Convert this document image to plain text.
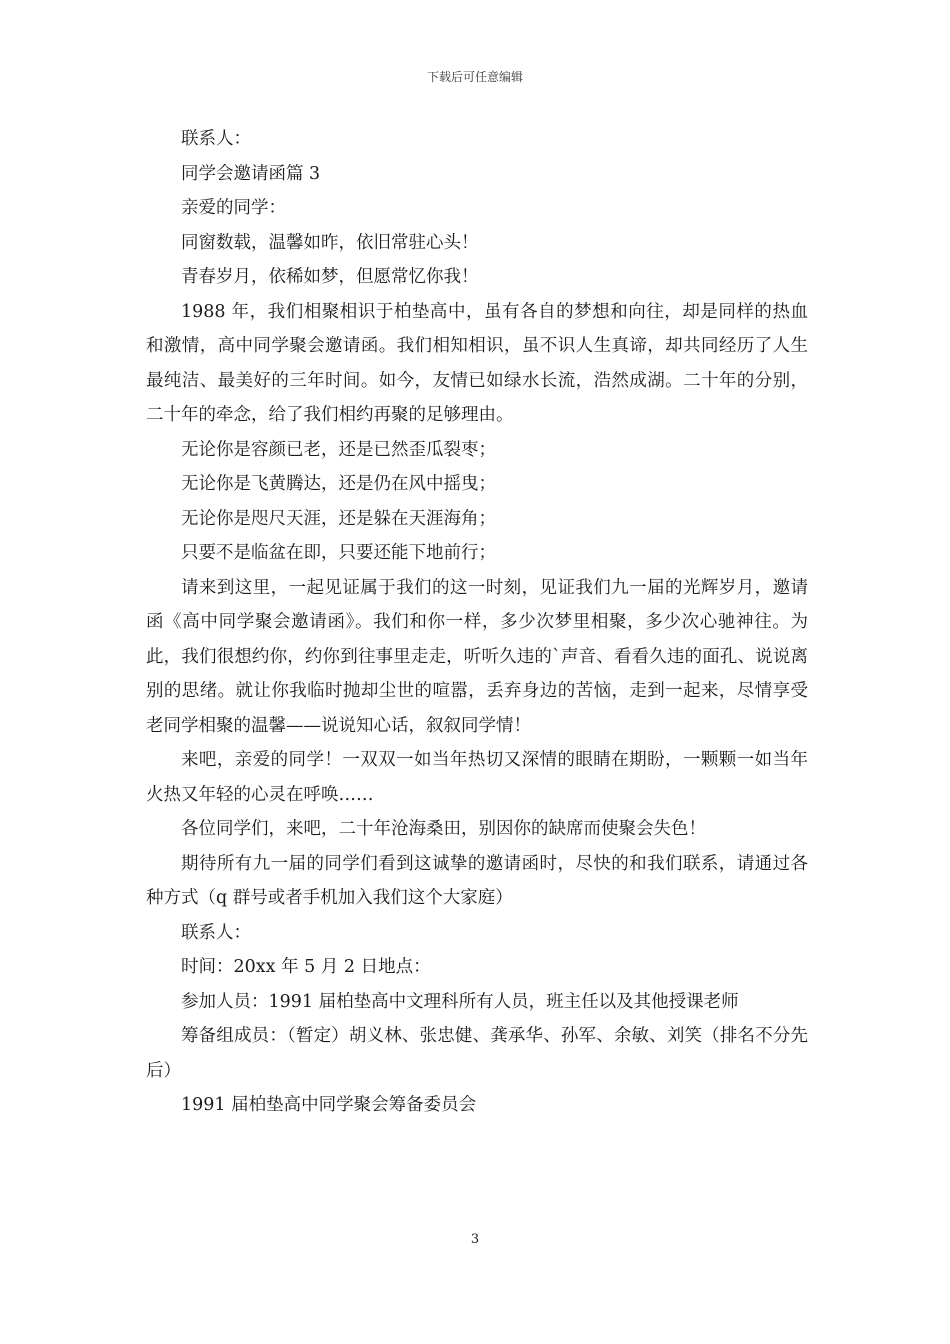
下载后可任意编辑

联系人：

同学会邀请函篇 3

亲爱的同学：

同窗数载，温馨如昨，依旧常驻心头！

青春岁月，依稀如梦，但愿常忆你我！

1988 年，我们相聚相识于柏垫高中，虽有各自的梦想和向往，却是同样的热血和激情，高中同学聚会邀请函。我们相知相识，虽不识人生真谛，却共同经历了人生最纯洁、最美好的三年时间。如今，友情已如绿水长流，浩然成湖。二十年的分别，二十年的牵念，给了我们相约再聚的足够理由。

无论你是容颜已老，还是已然歪瓜裂枣；

无论你是飞黄腾达，还是仍在风中摇曳；

无论你是咫尺天涯，还是躲在天涯海角；

只要不是临盆在即，只要还能下地前行；

请来到这里，一起见证属于我们的这一时刻，见证我们九一届的光辉岁月，邀请函《高中同学聚会邀请函》。我们和你一样，多少次梦里相聚，多少次心驰神往。为此，我们很想约你，约你到往事里走走，听听久违的`声音、看看久违的面孔、说说离别的思绪。就让你我临时抛却尘世的喧嚣，丢弃身边的苦恼，走到一起来，尽情享受老同学相聚的温馨——说说知心话，叙叙同学情！

来吧，亲爱的同学！一双双一如当年热切又深情的眼睛在期盼，一颗颗一如当年火热又年轻的心灵在呼唤……

各位同学们，来吧，二十年沧海桑田，别因你的缺席而使聚会失色！

期待所有九一届的同学们看到这诚挚的邀请函时，尽快的和我们联系，请通过各种方式（q 群号或者手机加入我们这个大家庭）

联系人：

时间：20xx 年 5 月 2 日地点：

参加人员：1991 届柏垫高中文理科所有人员，班主任以及其他授课老师

筹备组成员：（暂定）胡义林、张忠健、龚承华、孙军、余敏、刘笑（排名不分先后）

1991 届柏垫高中同学聚会筹备委员会

3
